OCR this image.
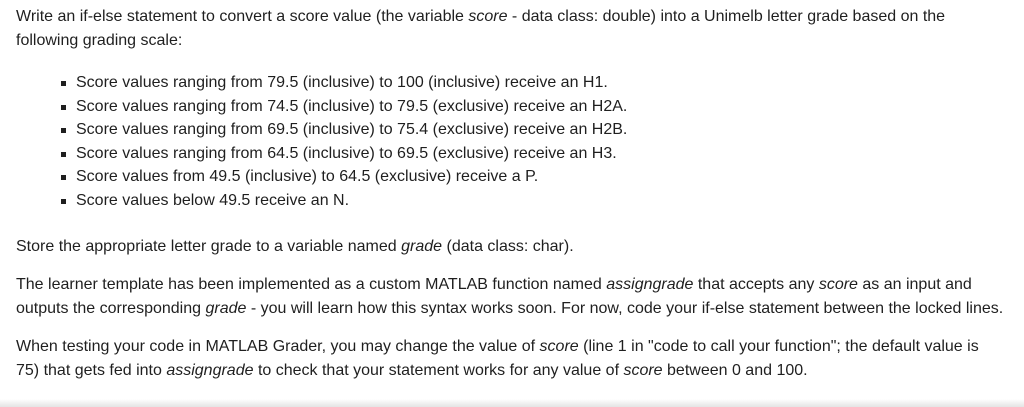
Write an if-else statement to convert a score value (the variable score - data class: double) into a Unimelb letter grade based on the following grading scale:

Score values ranging from 79.5 (inclusive) to 100 (inclusive) receive an H1.
Score values ranging from 74.5 (inclusive) to 79.5 (exclusive) receive an H2A.
Score values ranging from 69.5 (inclusive) to 75.4 (exclusive) receive an H2B.
Score values ranging from 64.5 (inclusive) to 69.5 (exclusive) receive an H3.
Score values from 49.5 (inclusive) to 64.5 (exclusive) receive a P.
Score values below 49.5 receive an N.

Store the appropriate letter grade to a variable named grade (data class: char).

The learner template has been implemented as a custom MATLAB function named assigngrade that accepts any score as an input and outputs the corresponding grade - you will learn how this syntax works soon. For now, code your if-else statement between the locked lines.

When testing your code in MATLAB Grader, you may change the value of score (line 1 in "code to call your function"; the default value is 75) that gets fed into assigngrade to check that your statement works for any value of score between 0 and 100.
